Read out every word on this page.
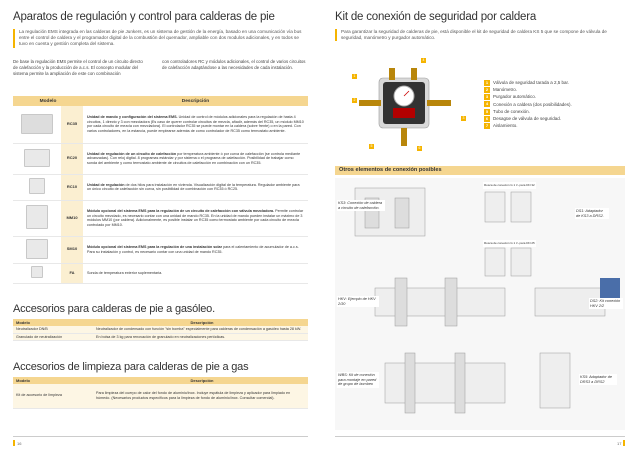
Aparatos de regulación y control para calderas de pie
La regulación EMS integrada en las calderas de pie Junkers, es un sistema de gestión de la energía, basado en una comunicación vía bus entre el control de caldera y el programador digital de la combustión del quemador, ampliable con dos modulos adicionales, y en todos se tuvo en cuenta y gestión completa del sistema.
De base la regulación EMS permite el control de un circuito directo de calefacción y la producción de a.c.s. El concepto modular del sistema permite la ampliación de este con combinación
con controladores RC y módulos adicionales, el control de varios circuitos de calefacción adaptándose a las necesidades de cada instalación.
Modelo		Descripción
	RC35	Unidad de mando y configuración del sistema EMS. Unidad de control de módulos adicionales para la regulación de hasta 4 circuitos, 1 directo y 3 con mezcladora (Es caso de querer controlar circuitos de mezcla, añadir, además del RC35, un módulo MM10 por cada circuito de mezcla con mezcladora). El controlador RC35 se puede montar en la caldera (sobre frente) o en la pared. Con varios controladores, en la estancia, puede emplearse además de como controlador de RC35 como termostato ambiente.
	RC20	Unidad de regulación de un circuito de calefacción por temperatura ambiente ó por curva de calefacción (se controla mediante advanzadas). Con reloj digital. 8 programas estándar y por sistema o el programa de calefacción. Posibilidad de trabajar como sonda del ambiente y como termostato ambiente de circuitos de calefacción en combinación con un RC35.
	RC10	Unidad de regulación de dos hilos para instalación en vivienda. Visualización digital de la temperatura. Regulador ambiente para un único circuito de calefacción sin curva, sin posibilidad de combinación con RC35 ó RC25.
	MM10	Módulo opcional del sistema EMS para la regulación de un circuito de calefacción con válvula mezcladora. Permite controlar un circuito mezclado, es necesario contar con una unidad de mando RC35. En la unidad de mando pueden instalar un máximo de 3 módulos MM10 (por caldera). Adicionalmente, es posible instalar un RC35 como termostato ambiente por cada circuito de mezcla controlado por MM10.
	SM10	Módulo opcional del sistema EMS para la regulación de una instalación solar para el calentamiento de acumulador de a.c.s. Para su instalación y control, es necesario contar con una unidad de mando RC35.
	FA	Sonda de temperatura exterior suplementaria.
Accesorios para calderas de pie a gasóleo.
Modelo	Descripción
Neutralizador DN/B	Neutralizador de condensado con función "sin bomba" especialmente para calderas de condensación a gasóleo hasta 28 kW.
Granulado de neutralización	En bolsa de 3 kg para renovación de granulado en neutralizaciones periódicas.
Accesorios de limpieza para calderas de pie a gas
Modelo	Descripción
Kit de accesorio de limpieza	Para limpieza del cuerpo de calor del fondo de aluminio/inox. Incluye espátula de limpieza y aplicador para limpiado en húmedo. (Necesarios productos específicos para la limpieza de fondo de aluminio/inox. Consultar comercial).
16
Kit de conexión de seguridad por caldera
Para garantizar la seguridad de calderas de pie, está disponible el kit de seguridad de caldera KS 5 que se compone de válvula de seguridad, manómetro y purgador automático.
1
2
3
4
5	6
1 Válvula de seguridad tarada a 2,5 bar.
2 Manómetro.
3 Purgador automático.
4 Conexión a caldera (dos posibilidades).
5 Tubo de conexión.
6 Desagüe de válvula de seguridad.
7 Aislamiento.
Otros elementos de conexión posibles
KS3: Conexión de caldera a circuito de calefacción.
DS1: Adaptador de KS3 a DRS2.
HKV: Ejemplo de HKV 2/30
DS2: Kit conexión HKV 2/2
WBS: Kit de conexión para montaje en pared de grupo de bombeo
KS5: Adaptador de DRS3 a DRS2
Rosca de conexión G 1 ¼ para DN 32
Rosca de conexión G 1 ¼ para DN 25
17
